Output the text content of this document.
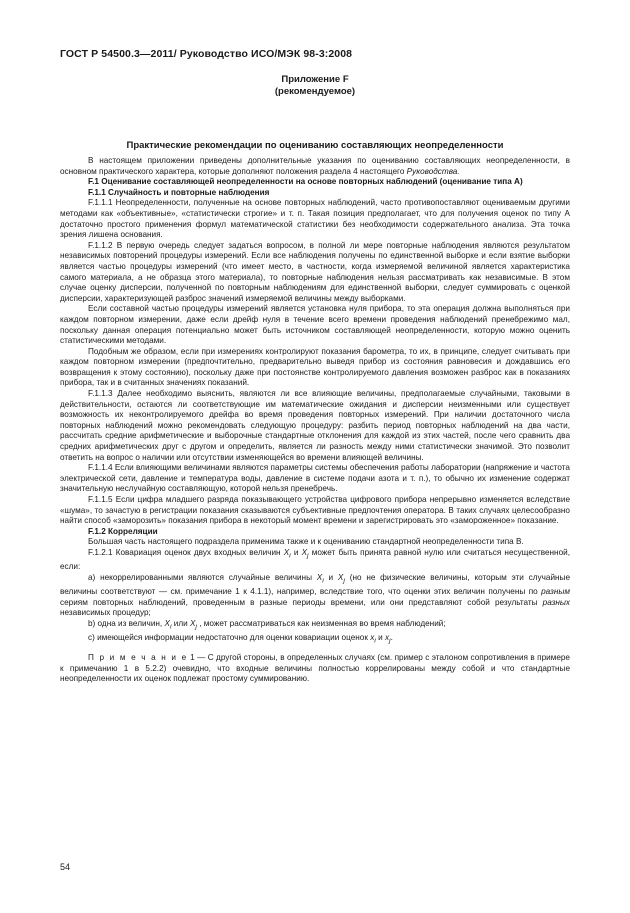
ГОСТ Р 54500.3—2011/ Руководство ИСО/МЭК 98-3:2008
Приложение F
(рекомендуемое)
Практические рекомендации по оцениванию составляющих неопределенности

В настоящем приложении приведены дополнительные указания по оцениванию составляющих неопределенности, в основном практического характера, которые дополняют положения раздела 4 настоящего Руководства.

F.1 Оценивание составляющей неопределенности на основе повторных наблюдений (оценивание типа А)

F.1.1 Случайность и повторные наблюдения

F.1.1.1 Неопределенности, полученные на основе повторных наблюдений, часто противопоставляют оцениваемым другими методами как «объективные», «статистически строгие» и т. п. Такая позиция предполагает, что для получения оценок по типу А достаточно простого применения формул математической статистики без необходимости содержательного анализа. Эта точка зрения лишена основания.

F.1.1.2 В первую очередь следует задаться вопросом, в полной ли мере повторные наблюдения являются результатом независимых повторений процедуры измерений. Если все наблюдения получены по единственной выборке и если взятие выборки является частью процедуры измерений (что имеет место, в частности, когда измеряемой величиной является характеристика самого материала, а не образца этого материала), то повторные наблюдения нельзя рассматривать как независимые. В этом случае оценку дисперсии, полученной по повторным наблюдениям для единственной выборки, следует суммировать с оценкой дисперсии, характеризующей разброс значений измеряемой величины между выборками.

Если составной частью процедуры измерений является установка нуля прибора, то эта операция должна выполняться при каждом повторном измерении, даже если дрейф нуля в течение всего времени проведения наблюдений пренебрежимо мал, поскольку данная операция потенциально может быть источником составляющей неопределенности, которую можно оценить статистическими методами.

Подобным же образом, если при измерениях контролируют показания барометра, то их, в принципе, следует считывать при каждом повторном измерении (предпочтительно, предварительно выведя прибор из состояния равновесия и дождавшись его возвращения к этому состоянию), поскольку даже при постоянстве контролируемого давления возможен разброс как в показаниях прибора, так и в считанных значениях показаний.

F.1.1.3 Далее необходимо выяснить, являются ли все влияющие величины, предполагаемые случайными, таковыми в действительности, остаются ли соответствующие им математические ожидания и дисперсии неизменными или существует возможность их неконтролируемого дрейфа во время проведения повторных измерений. При наличии достаточного числа повторных наблюдений можно рекомендовать следующую процедуру: разбить период повторных наблюдений на два части, рассчитать средние арифметические и выборочные стандартные отклонения для каждой из этих частей, после чего сравнить два средних арифметических друг с другом и определить, является ли разность между ними статистически значимой. Это позволит ответить на вопрос о наличии или отсутствии изменяющейся во времени влияющей величины.

F.1.1.4 Если влияющими величинами являются параметры системы обеспечения работы лаборатории (напряжение и частота электрической сети, давление и температура воды, давление в системе подачи азота и т. п.), то обычно их изменение содержат значительную неслучайную составляющую, которой нельзя пренебречь.

F.1.1.5 Если цифра младшего разряда показывающего устройства цифрового прибора непрерывно изменяется вследствие «шума», то зачастую в регистрации показания сказываются субъективные предпочтения оператора. В таких случаях целесообразно найти способ «заморозить» показания прибора в некоторый момент времени и зарегистрировать это «замороженное» показание.

F.1.2 Корреляции

Большая часть настоящего подраздела применима также и к оцениванию стандартной неопределенности типа В.

F.1.2.1 Ковариация оценок двух входных величин $X_i$ и $X_j$ может быть принята равной нулю или считаться несущественной, если:

а) некоррелированными являются случайные величины $X_i$ и $X_j$ (но не физические величины, которым эти случайные величины соответствуют — см. примечание 1 к 4.1.1), например, вследствие того, что оценки этих величин получены по разным сериям повторных наблюдений, проведенным в разные периоды времени, или они представляют собой результаты разных независимых процедур;

b) одна из величин, $X_i$ или $X_j$ , может рассматриваться как неизменная во время наблюдений;

с) имеющейся информации недостаточно для оценки ковариации оценок $x_i$ и $x_j$.

П р и м е ч а н и е 1 — С другой стороны, в определенных случаях (см. пример с эталоном сопротивления в примере к примечанию 1 в 5.2.2) очевидно, что входные величины полностью коррелированы между собой и что стандартные неопределенности их оценок подлежат простому суммированию.

54
